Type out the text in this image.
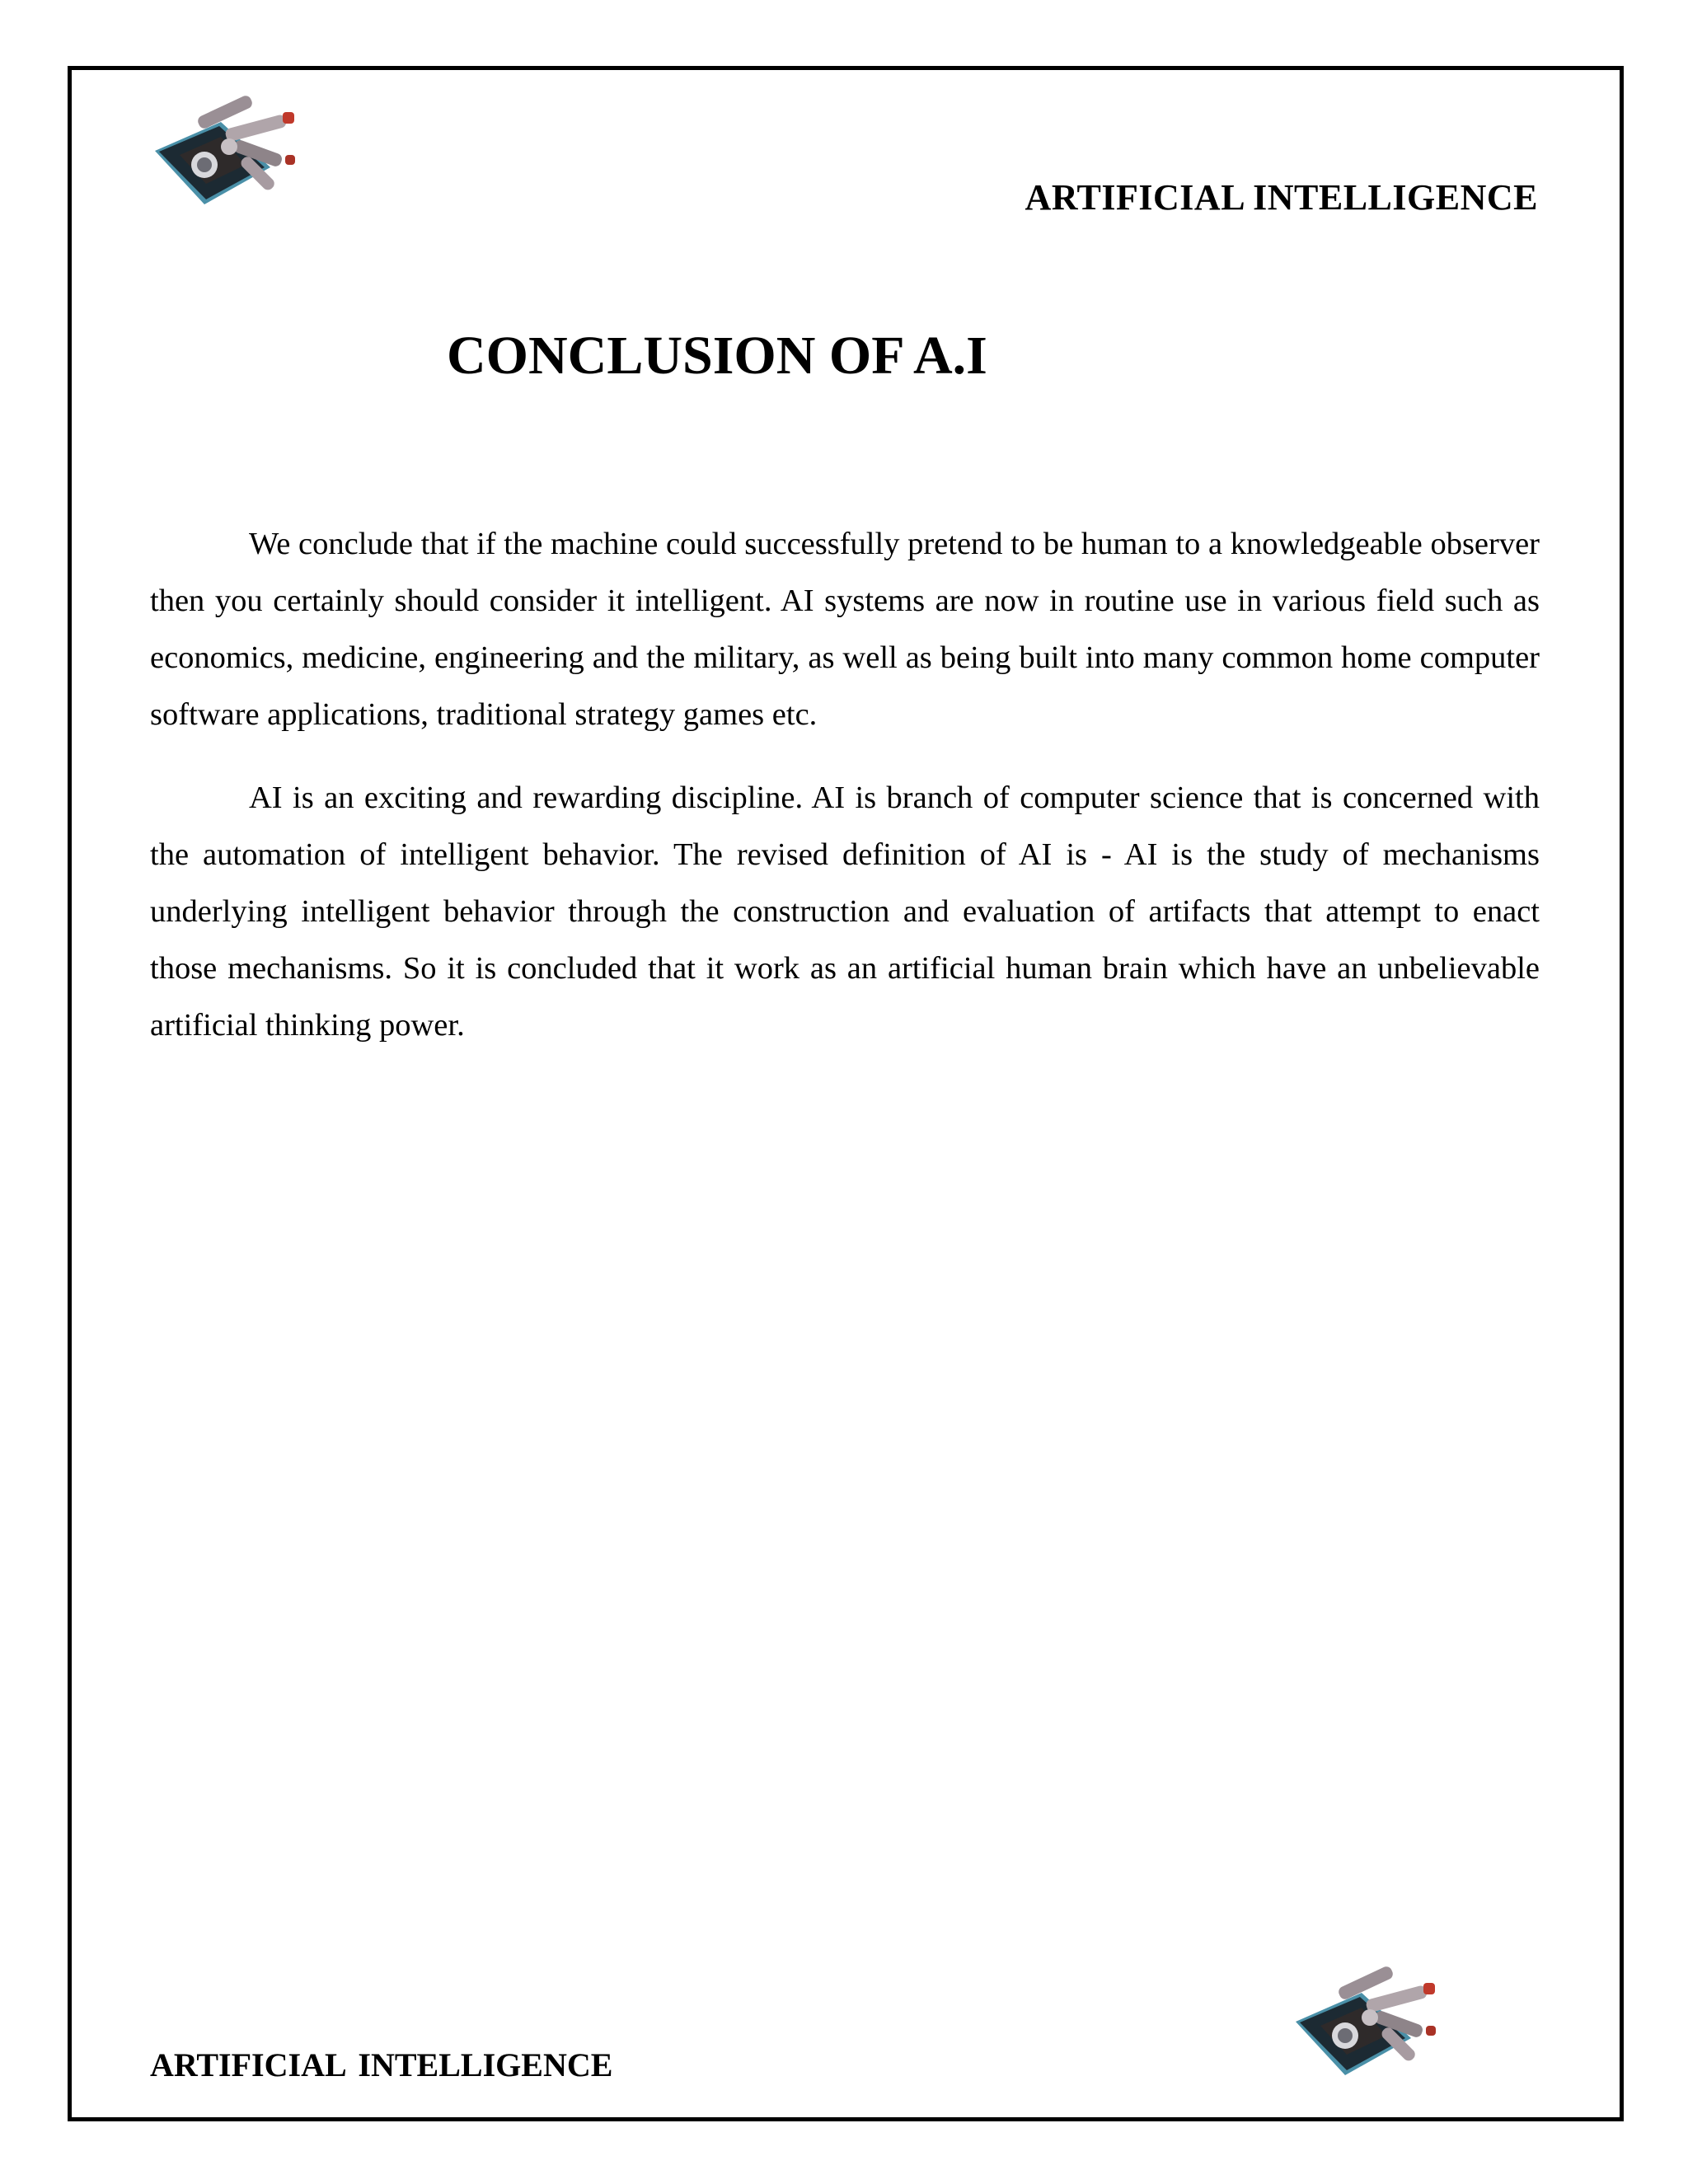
ARTIFICIAL INTELLIGENCE
CONCLUSION OF A.I

We conclude that if the machine could successfully pretend to be human to a knowledgeable observer then you certainly should consider it intelligent. AI systems are now in routine use in various field such as economics, medicine, engineering and the military, as well as being built into many common home computer software applications, traditional strategy games etc.

AI is an exciting and rewarding discipline. AI is branch of computer science that is concerned with the automation of intelligent behavior. The revised definition of AI is - AI is the study of mechanisms underlying intelligent behavior through the construction and evaluation of artifacts that attempt to enact those mechanisms. So it is concluded that it work as an artificial human brain which have an unbelievable artificial thinking power.

ARTIFICIAL INTELLIGENCE
